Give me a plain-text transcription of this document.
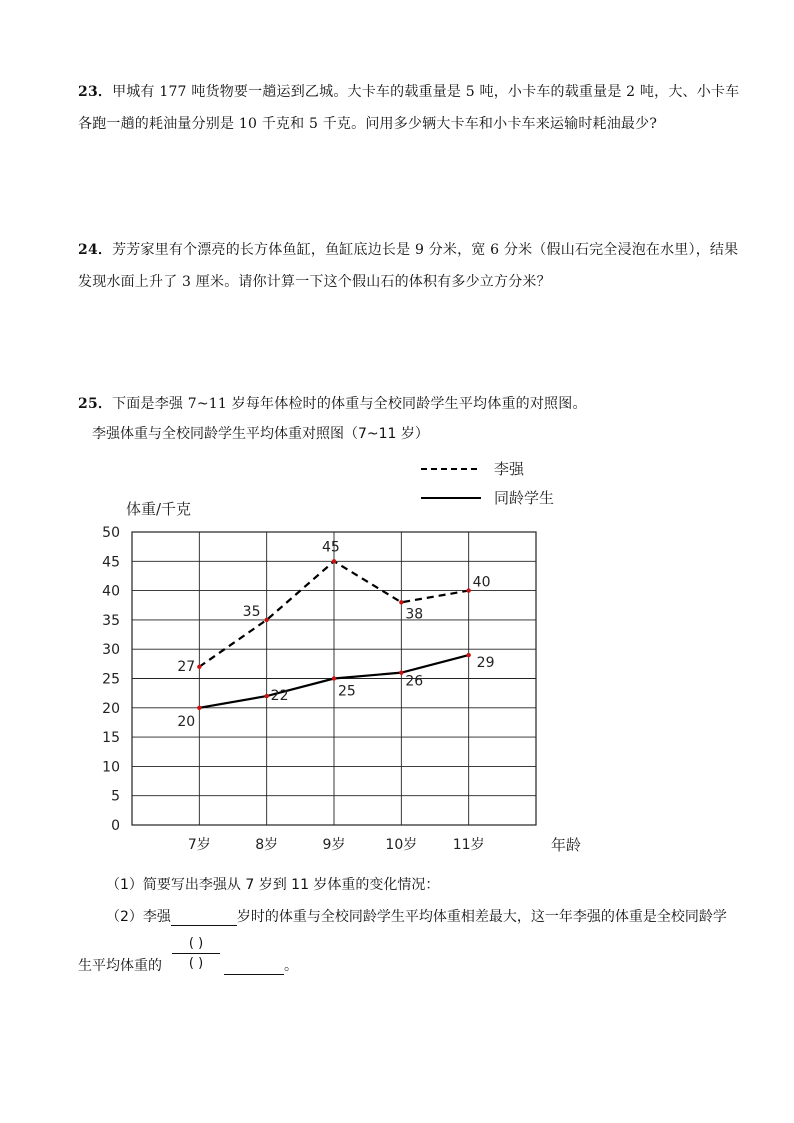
23．甲城有 177 吨货物要一趟运到乙城。大卡车的载重量是 5 吨，小卡车的载重量是 2 吨，大、小卡车
各跑一趟的耗油量分别是 10 千克和 5 千克。问用多少辆大卡车和小卡车来运输时耗油最少?
24．芳芳家里有个漂亮的长方体鱼缸，鱼缸底边长是 9 分米，宽 6 分米（假山石完全浸泡在水里），结果
发现水面上升了 3 厘米。请你计算一下这个假山石的体积有多少立方分米？
25．下面是李强 7~11 岁每年体检时的体重与全校同龄学生平均体重的对照图。
李强体重与全校同龄学生平均体重对照图（7~11 岁）
0
5
10
15
20
25
30
35
40
45
50
7岁	8岁	9岁	10岁	11岁
体重/千克
年龄
李强
同龄学生
27
35
45
38
40
20
22	25
26
29
（1）简要写出李强从 7 岁到 11 岁体重的变化情况：
（2）李强	岁时的体重与全校同龄学生平均体重相差最大，这一年李强的体重是全校同龄学
生平均体重的
( )
( )	。
